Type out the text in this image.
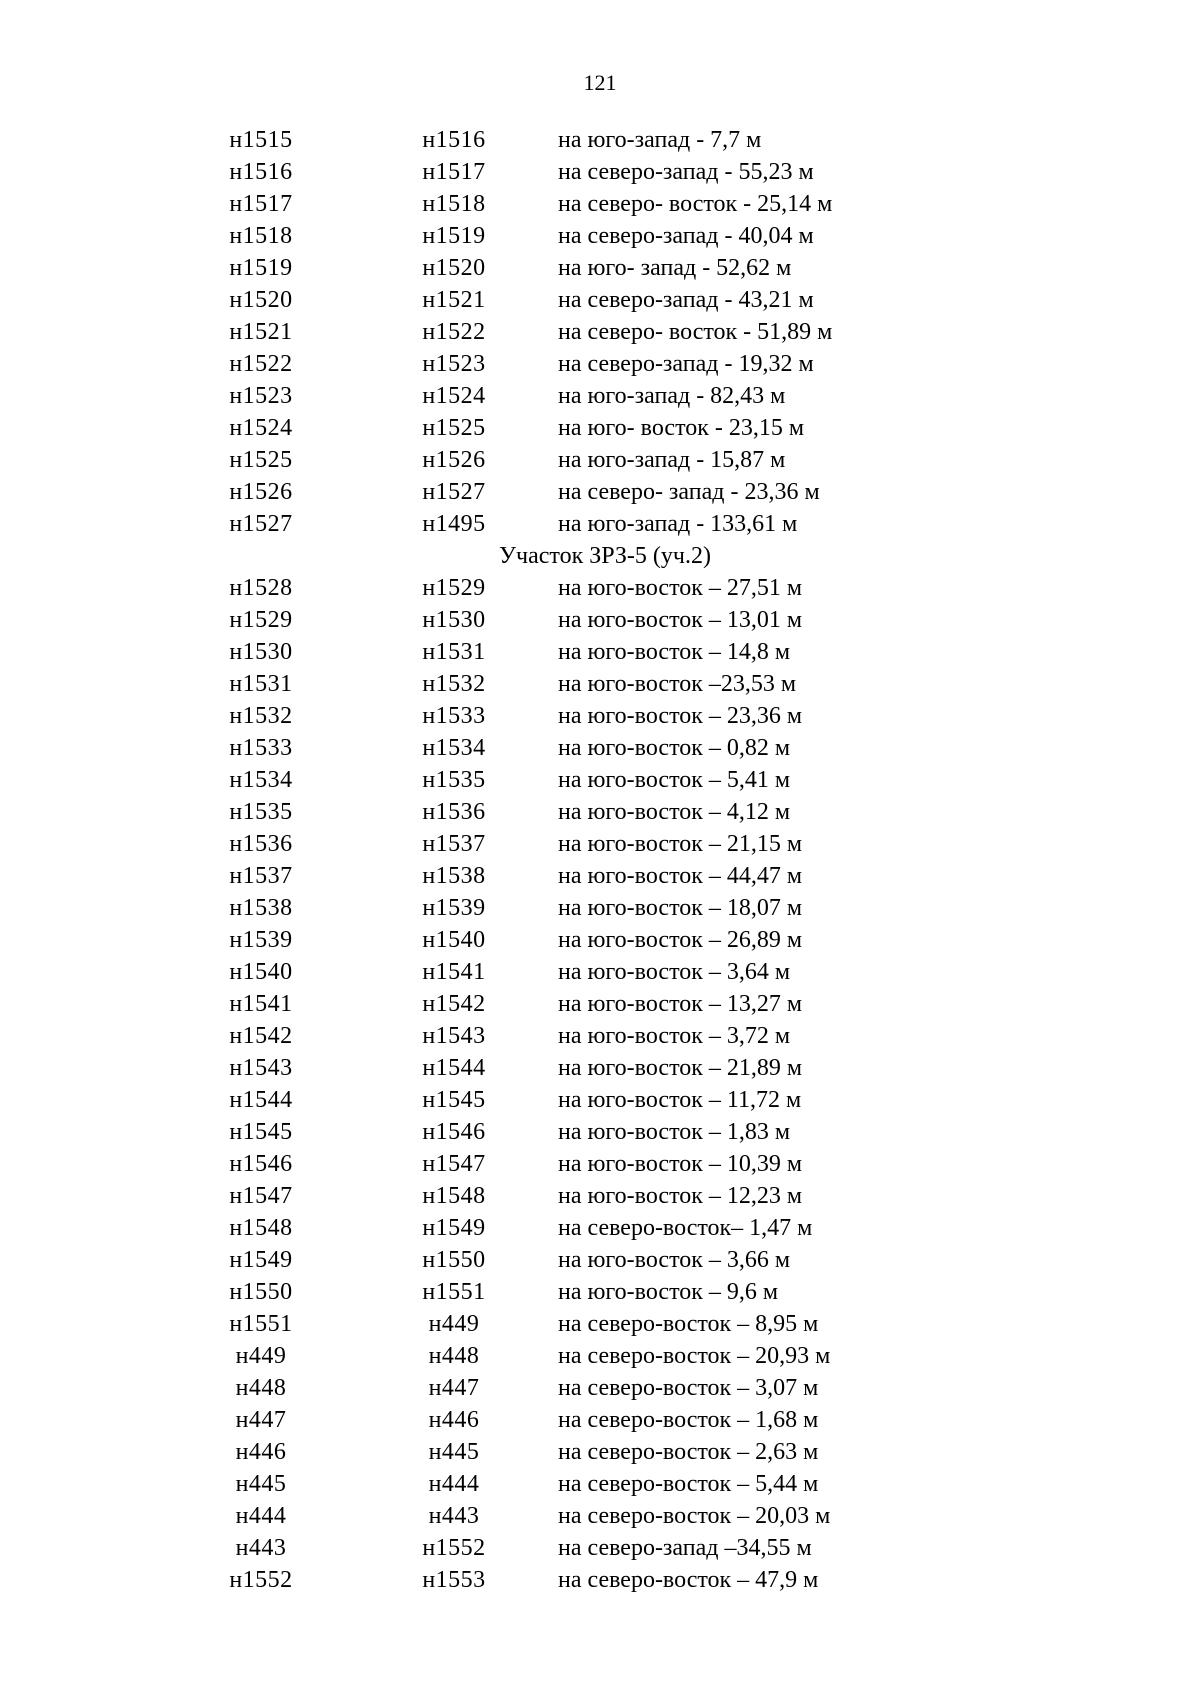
121
н1515	н1516	на юго-запад - 7,7 м
н1516	н1517	на северо-запад - 55,23 м
н1517	н1518	на северо- восток - 25,14 м
н1518	н1519	на северо-запад - 40,04 м
н1519	н1520	на юго- запад - 52,62 м
н1520	н1521	на северо-запад - 43,21 м
н1521	н1522	на северо- восток - 51,89 м
н1522	н1523	на северо-запад - 19,32 м
н1523	н1524	на юго-запад - 82,43 м
н1524	н1525	на юго- восток - 23,15 м
н1525	н1526	на юго-запад - 15,87 м
н1526	н1527	на северо- запад - 23,36 м
н1527	н1495	на юго-запад - 133,61 м
Участок ЗРЗ-5 (уч.2)
н1528	н1529	на юго-восток – 27,51 м
н1529	н1530	на юго-восток – 13,01 м
н1530	н1531	на юго-восток – 14,8 м
н1531	н1532	на юго-восток –23,53 м
н1532	н1533	на юго-восток – 23,36 м
н1533	н1534	на юго-восток – 0,82 м
н1534	н1535	на юго-восток – 5,41 м
н1535	н1536	на юго-восток – 4,12 м
н1536	н1537	на юго-восток – 21,15 м
н1537	н1538	на юго-восток – 44,47 м
н1538	н1539	на юго-восток – 18,07 м
н1539	н1540	на юго-восток – 26,89 м
н1540	н1541	на юго-восток – 3,64 м
н1541	н1542	на юго-восток – 13,27 м
н1542	н1543	на юго-восток – 3,72 м
н1543	н1544	на юго-восток – 21,89 м
н1544	н1545	на юго-восток – 11,72 м
н1545	н1546	на юго-восток – 1,83 м
н1546	н1547	на юго-восток – 10,39 м
н1547	н1548	на юго-восток – 12,23 м
н1548	н1549	на северо-восток– 1,47 м
н1549	н1550	на юго-восток – 3,66 м
н1550	н1551	на юго-восток – 9,6 м
н1551	н449	на северо-восток – 8,95 м
н449	н448	на северо-восток – 20,93 м
н448	н447	на северо-восток – 3,07 м
н447	н446	на северо-восток – 1,68 м
н446	н445	на северо-восток – 2,63 м
н445	н444	на северо-восток – 5,44 м
н444	н443	на северо-восток – 20,03 м
н443	н1552	на северо-запад –34,55 м
н1552	н1553	на северо-восток – 47,9 м
